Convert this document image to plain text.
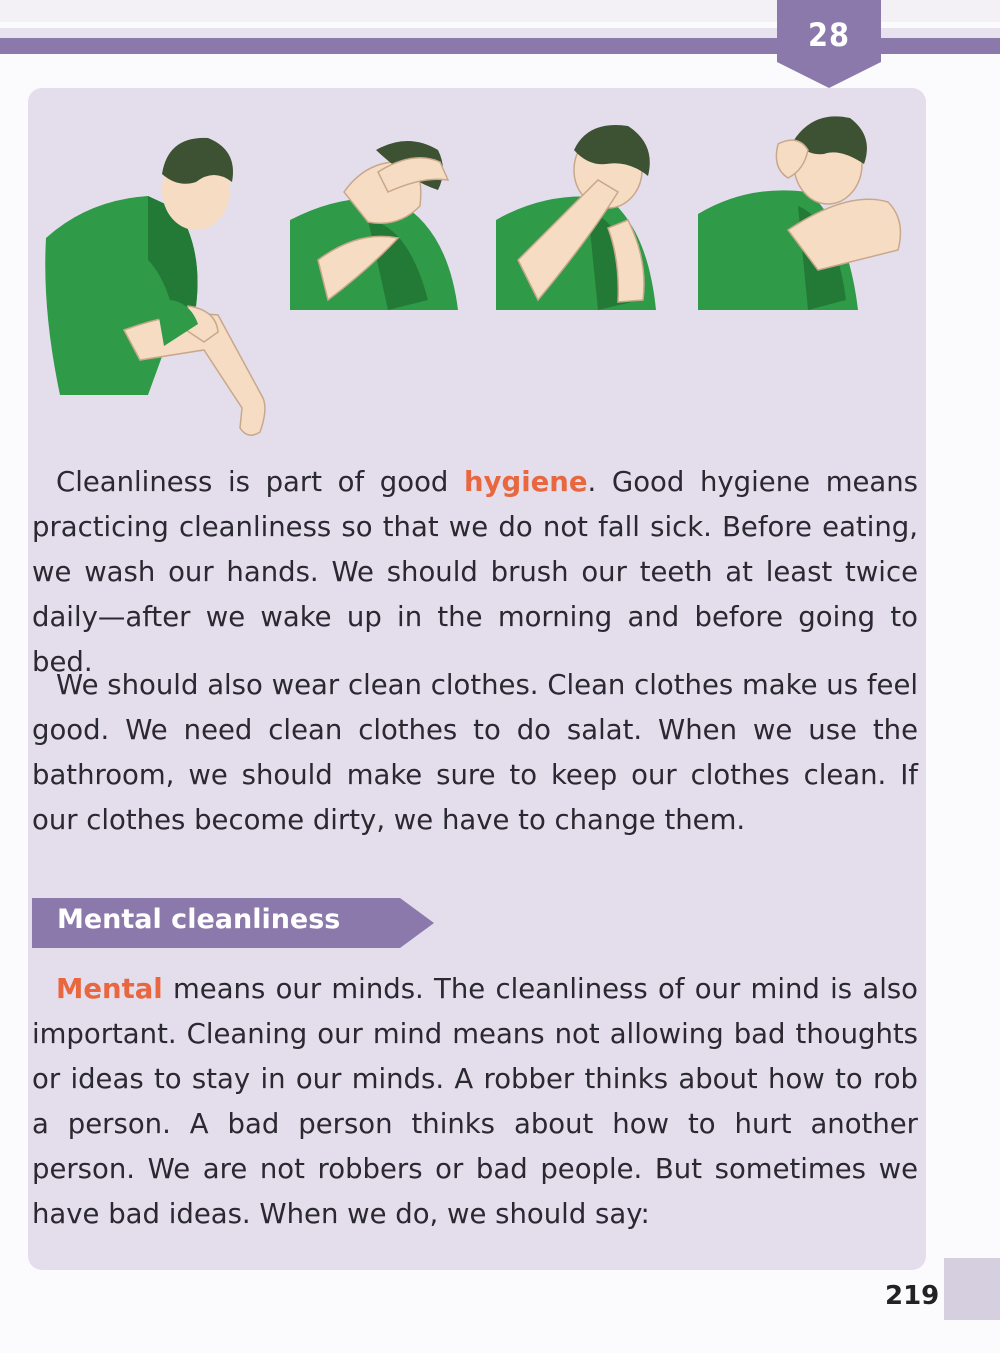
28

Cleanliness is part of good hygiene. Good hygiene means practicing cleanliness so that we do not fall sick. Before eating, we wash our hands. We should brush our teeth at least twice daily—after we wake up in the morning and before going to bed.

We should also wear clean clothes. Clean clothes make us feel good. We need clean clothes to do salat. When we use the bathroom, we should make sure to keep our clothes clean. If our clothes become dirty, we have to change them.

Mental cleanliness

Mental means our minds. The cleanliness of our mind is also important. Cleaning our mind means not allowing bad thoughts or ideas to stay in our minds. A robber thinks about how to rob a person. A bad person thinks about how to hurt another person. We are not robbers or bad people. But sometimes we have bad ideas. When we do, we should say:

219
